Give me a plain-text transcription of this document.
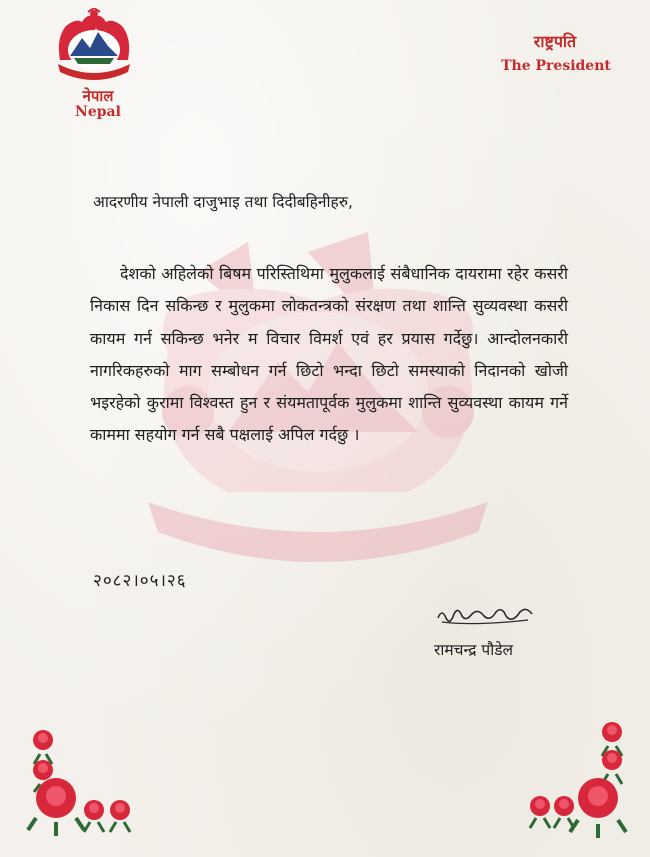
नेपाल
Nepal
राष्ट्रपति
The President
आदरणीय नेपाली दाजुभाइ तथा दिदीबहिनीहरु,
देशको अहिलेको बिषम परिस्तिथिमा मुलुकलाई संबैधानिक दायरामा रहेर कसरी निकास दिन सकिन्छ र मुलुकमा लोकतन्त्रको संरक्षण तथा शान्ति सुव्यवस्था कसरी कायम गर्न सकिन्छ भनेर म विचार विमर्श एवं हर प्रयास गर्देछु। आन्दोलनकारी नागरिकहरुको माग सम्बोधन गर्न छिटो भन्दा छिटो समस्याको निदानको खोजी भइरहेको कुरामा विश्वस्त हुन र संयमतापूर्वक मुलुकमा शान्ति सुव्यवस्था कायम गर्ने काममा सहयोग गर्न सबै पक्षलाई अपिल गर्दछु ।
२०८२।०५।२६
रामचन्द्र पौडेल
